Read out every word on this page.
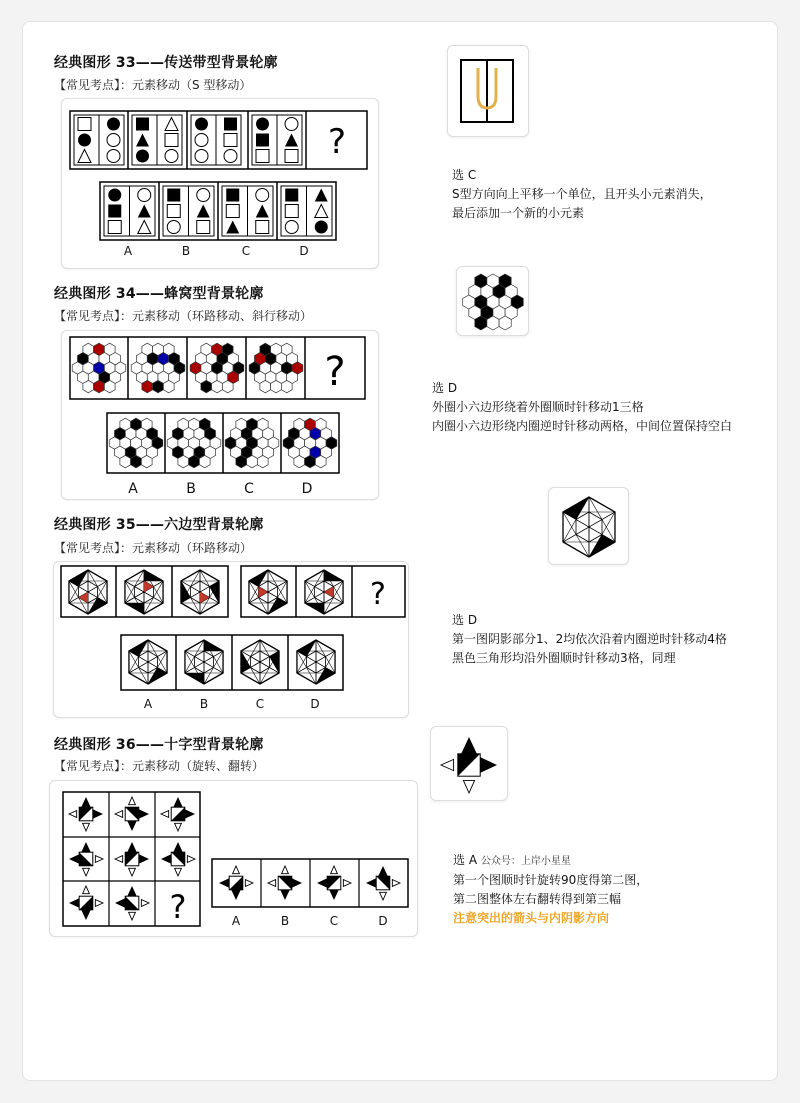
经典图形 33——传送带型背景轮廓
【常见考点】：元素移动（S 型移动）
?
A	B	C	D
选 C
S型方向向上平移一个单位，且开头小元素消失，
最后添加一个新的小元素
经典图形 34——蜂窝型背景轮廓
【常见考点】：元素移动（环路移动、斜行移动）
?
A	B	C	D
选 D
外圈小六边形绕着外圈顺时针移动1三格
内圈小六边形绕内圈逆时针移动两格，中间位置保持空白
经典图形 35——六边型背景轮廓
【常见考点】：元素移动（环路移动）
?
A	B	C	D
选 D
第一图阴影部分1、2均依次沿着内圈逆时针移动4格
黑色三角形均沿外圈顺时针移动3格，同理
经典图形 36——十字型背景轮廓
【常见考点】：元素移动（旋转、翻转）
?	A	B	C	D
选 A 公众号：上岸小星星
第一个图顺时针旋转90度得第二图，
第二图整体左右翻转得到第三幅
注意突出的箭头与内阴影方向
